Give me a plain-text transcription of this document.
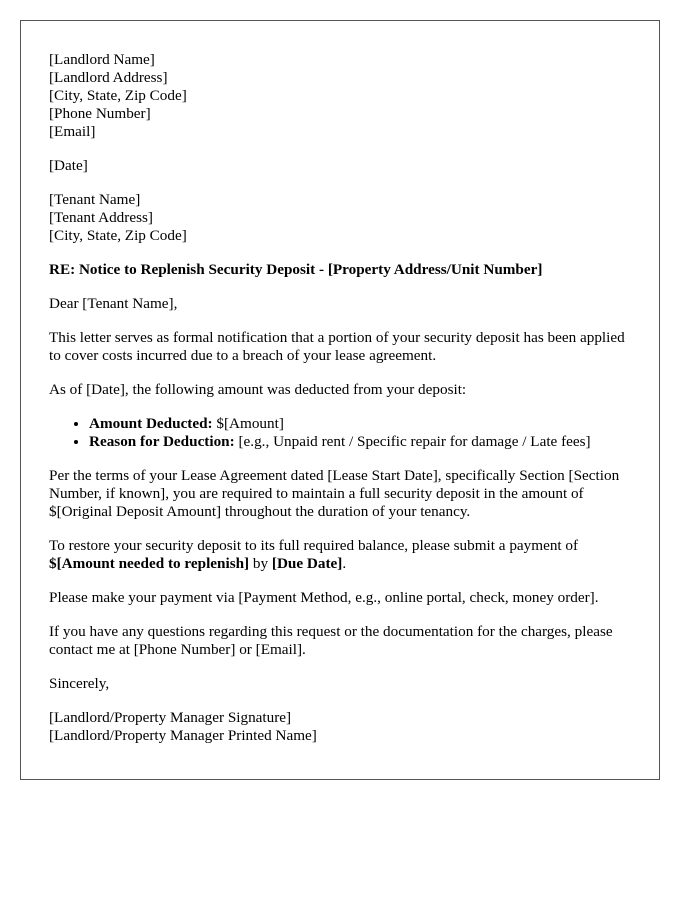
[Landlord Name]
[Landlord Address]
[City, State, Zip Code]
[Phone Number]
[Email]

[Date]

[Tenant Name]
[Tenant Address]
[City, State, Zip Code]

RE: Notice to Replenish Security Deposit - [Property Address/Unit Number]

Dear [Tenant Name],

This letter serves as formal notification that a portion of your security deposit has been applied to cover costs incurred due to a breach of your lease agreement.

As of [Date], the following amount was deducted from your deposit:

• Amount Deducted: $[Amount]
• Reason for Deduction: [e.g., Unpaid rent / Specific repair for damage / Late fees]

Per the terms of your Lease Agreement dated [Lease Start Date], specifically Section [Section Number, if known], you are required to maintain a full security deposit in the amount of $[Original Deposit Amount] throughout the duration of your tenancy.

To restore your security deposit to its full required balance, please submit a payment of $[Amount needed to replenish] by [Due Date].

Please make your payment via [Payment Method, e.g., online portal, check, money order].

If you have any questions regarding this request or the documentation for the charges, please contact me at [Phone Number] or [Email].

Sincerely,

[Landlord/Property Manager Signature]
[Landlord/Property Manager Printed Name]
